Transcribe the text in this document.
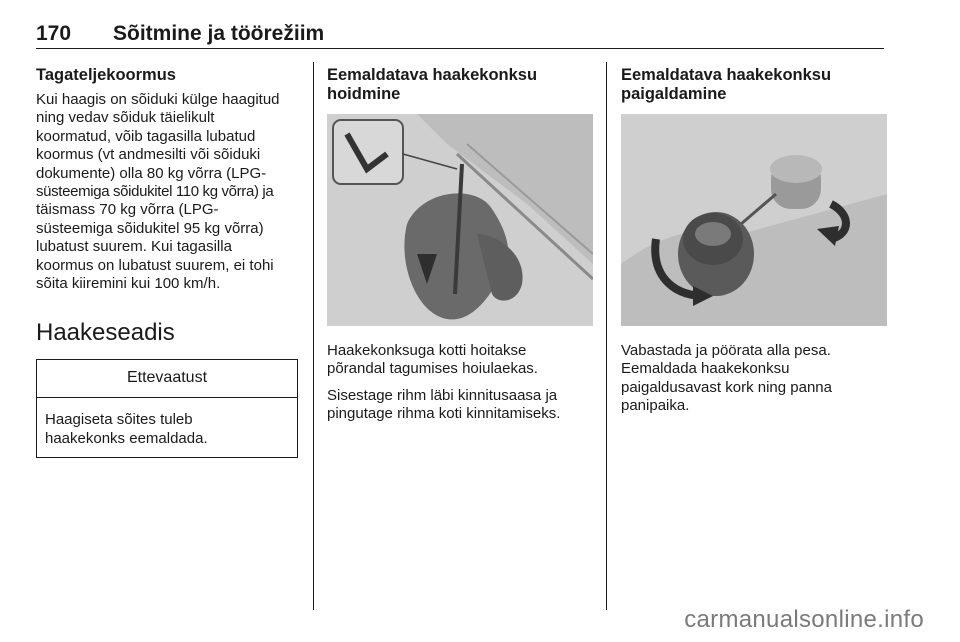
170 Sõitmine ja töörežiim
Tagateljekoormus
Kui haagis on sõiduki külge haagitud
ning vedav sõiduk täielikult
koormatud, võib tagasilla lubatud
koormus (vt andmesilti või sõiduki
dokumente) olla 80 kg võrra (LPG-
süsteemiga sõidukitel 110 kg võrra) ja
täismass 70 kg võrra (LPG-
süsteemiga sõidukitel 95 kg võrra)
lubatust suurem. Kui tagasilla
koormus on lubatust suurem, ei tohi
sõita kiiremini kui 100 km/h.
Haakeseadis
Ettevaatust
Haagiseta sõites tuleb
haakekonks eemaldada.
Eemaldatava haakekonksu
hoidmine
Haakekonksuga kotti hoitakse
põrandal tagumises hoiulaekas.
Sisestage rihm läbi kinnitusaasa ja
pingutage rihma koti kinnitamiseks.
Eemaldatava haakekonksu
paigaldamine
Vabastada ja pöörata alla pesa.
Eemaldada haakekonksu
paigaldusavast kork ning panna
panipaika.
carmanualsonline.info
